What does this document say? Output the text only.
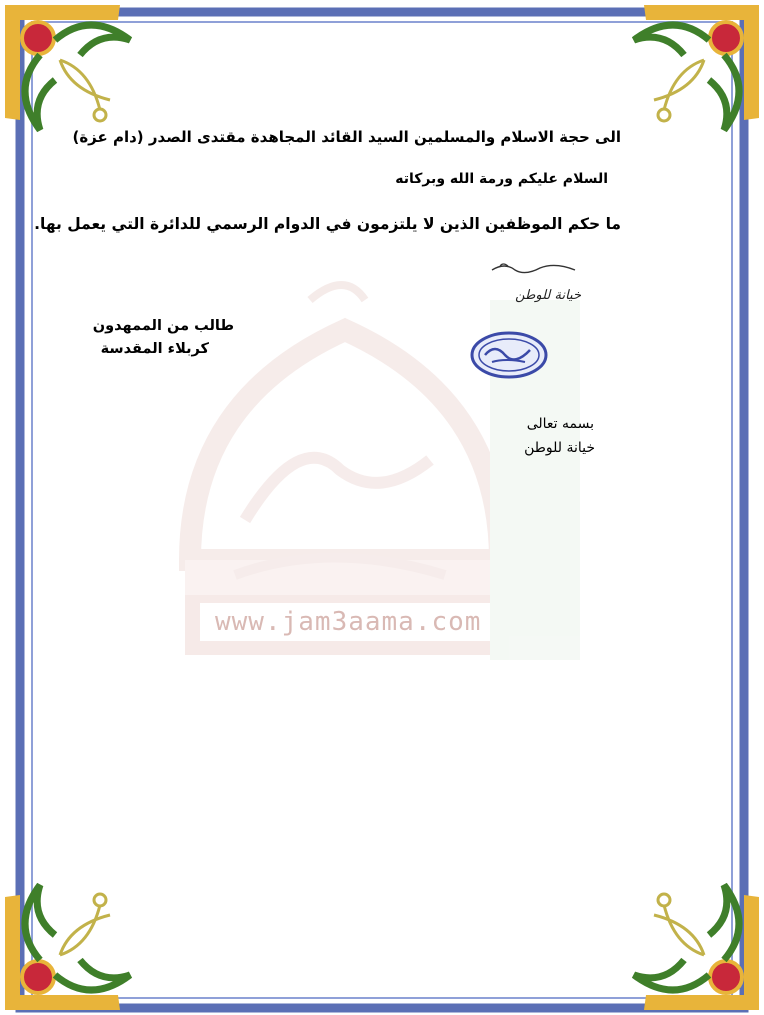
www.jam3aama.com
الى حجة الاسلام والمسلمين السيد القائد المجاهدة مقتدى الصدر (دام عزة)
السلام عليكم ورمة الله وبركاته
ما حكم الموظفين الذين لا يلتزمون في الدوام الرسمي للدائرة التي يعمل بها.
خيانة للوطن
طالب من الممهدون
كربلاء المقدسة
بسمه تعالى
خيانة للوطن
